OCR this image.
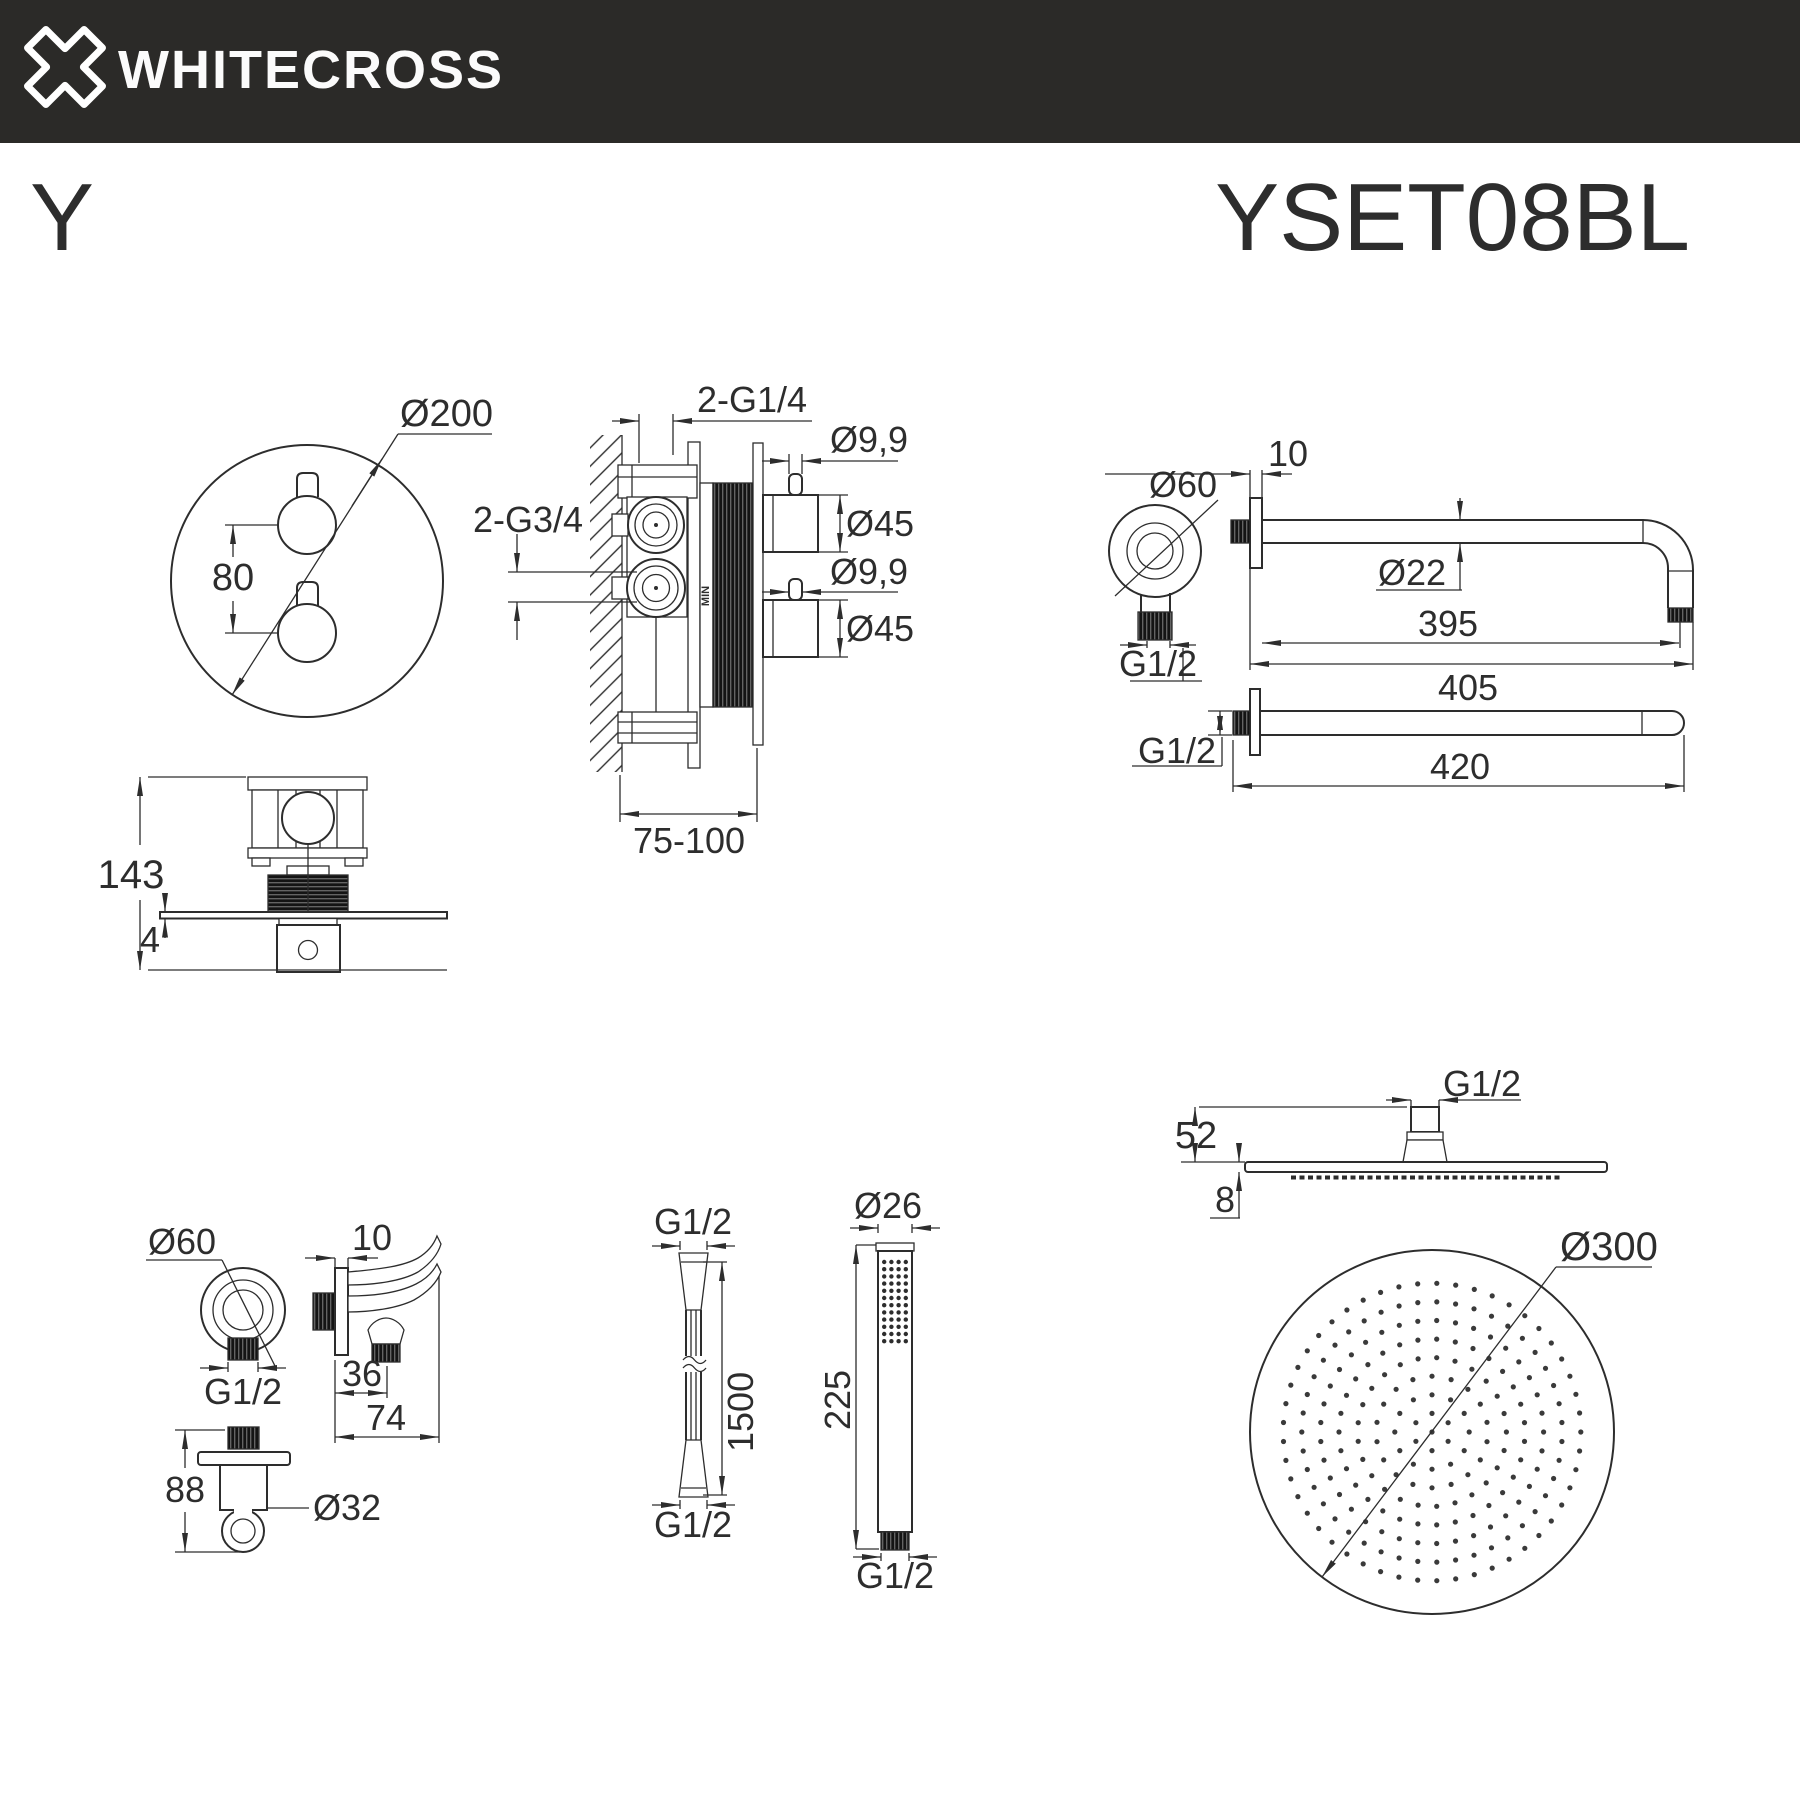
WHITECROSS
Y	YSET08BL
80
Ø200
MIN
2-G1/4
2-G3/4
Ø9,9
Ø45
Ø9,9
Ø45
75-100
143
4
Ø60
G1/2
10
Ø22
395
405
G1/2	420
G1/2
52
8
Ø300
Ø60
G1/2
88	Ø32
10
36
74
G1/2
G1/2
1500
Ø26
G1/2
225
